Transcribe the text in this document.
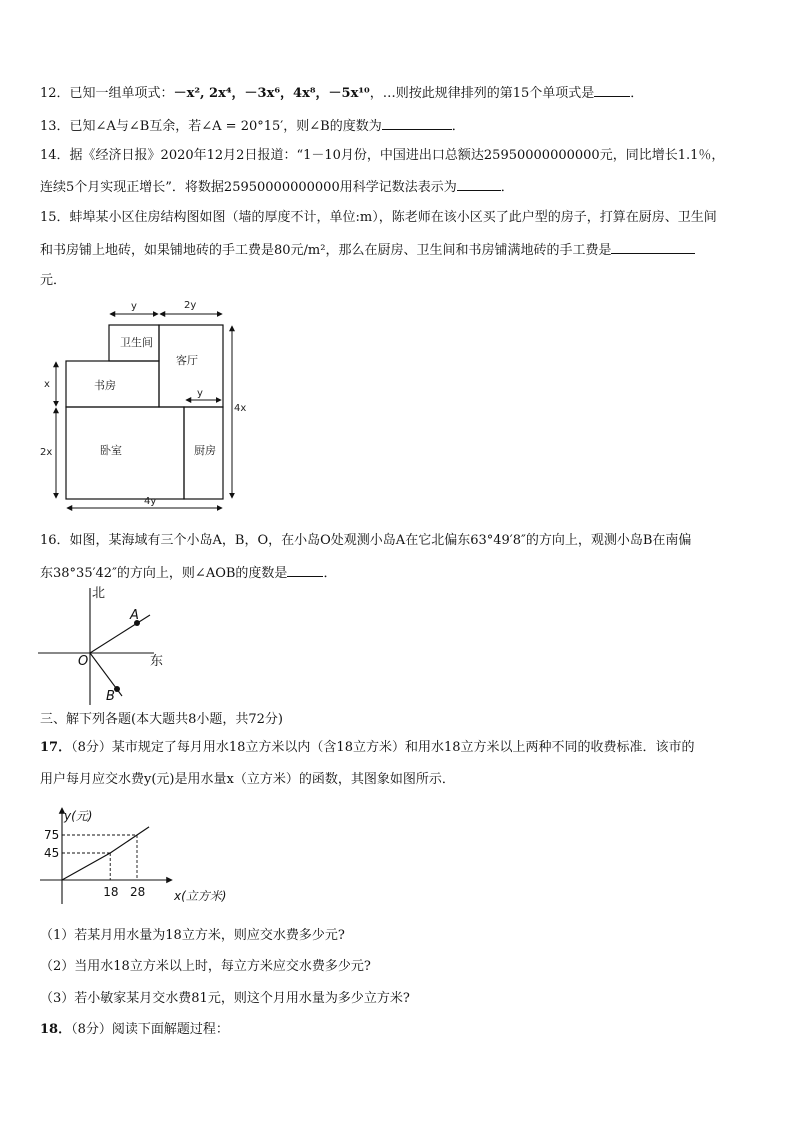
12．已知一组单项式：－x², 2x⁴，－3x⁶，4x⁸，－5x¹⁰，…则按此规律排列的第15个单项式是	．
13．已知∠A与∠B互余，若∠A = 20°15′，则∠B的度数为	．
14．据《经济日报》2020年12月2日报道：“1－10月份，中国进出口总额达25950000000000元，同比增长1.1％，
连续5个月实现正增长”．将数据25950000000000用科学记数法表示为	．
15．蚌埠某小区住房结构图如图（墙的厚度不计，单位:m），陈老师在该小区买了此户型的房子，打算在厨房、卫生间
和书房铺上地砖，如果铺地砖的手工费是80元/m²，那么在厨房、卫生间和书房铺满地砖的手工费是
元．
卫生间
客厅
书房
卧室	厨房
y	2y
x
2x
4x
y
4y
16．如图，某海域有三个小岛A，B，O，在小岛O处观测小岛A在它北偏东63°49′8″的方向上，观测小岛B在南偏
东38°35′42″的方向上，则∠AOB的度数是	．
北
东
O
A
B
三、解下列各题(本大题共8小题，共72分)
17．（8分）某市规定了每月用水18立方米以内（含18立方米）和用水18立方米以上两种不同的收费标准．该市的
用户每月应交水费y(元)是用水量x（立方米）的函数，其图象如图所示．
18
45
28
75
y(元)
x(立方米)
（1）若某月用水量为18立方米，则应交水费多少元?
（2）当用水18立方米以上时，每立方米应交水费多少元?
（3）若小敏家某月交水费81元，则这个月用水量为多少立方米?
18．（8分）阅读下面解题过程：
